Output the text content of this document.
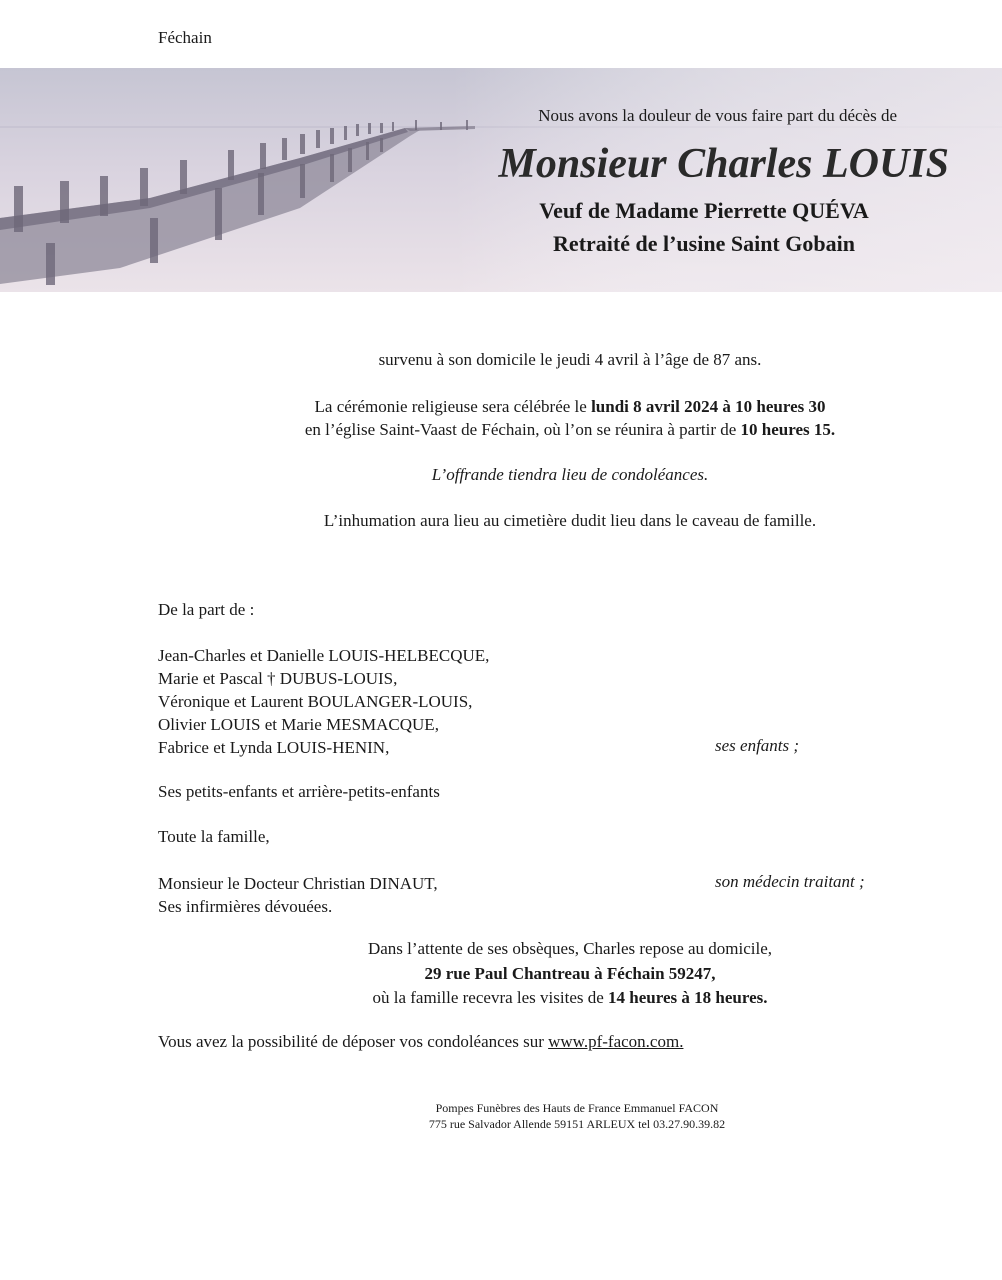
Féchain
Nous avons la douleur de vous faire part du décès de
Monsieur Charles LOUIS
Veuf de Madame Pierrette QUÉVA
Retraité de l’usine Saint Gobain
survenu à son domicile le jeudi 4 avril à l’âge de 87 ans.
La cérémonie religieuse sera célébrée le lundi 8 avril 2024 à 10 heures 30
en l’église Saint-Vaast de Féchain, où l’on se réunira à partir de 10 heures 15.
L’offrande tiendra lieu de condoléances.
L’inhumation aura lieu au cimetière dudit lieu dans le caveau de famille.
De la part de :
Jean-Charles et Danielle LOUIS-HELBECQUE,
Marie et Pascal † DUBUS-LOUIS,
Véronique et Laurent BOULANGER-LOUIS,
Olivier LOUIS et Marie MESMACQUE,
Fabrice et Lynda LOUIS-HENIN,	ses enfants ;
Ses petits-enfants et arrière-petits-enfants
Toute la famille,
Monsieur le Docteur Christian DINAUT,	son médecin traitant ;
Ses infirmières dévouées.
Dans l’attente de ses obsèques, Charles repose au domicile,
29 rue Paul Chantreau à Féchain 59247,
où la famille recevra les visites de 14 heures à 18 heures.
Vous avez la possibilité de déposer vos condoléances sur www.pf-facon.com.
Pompes Funèbres des Hauts de France Emmanuel FACON
775 rue Salvador Allende 59151 ARLEUX tel 03.27.90.39.82
